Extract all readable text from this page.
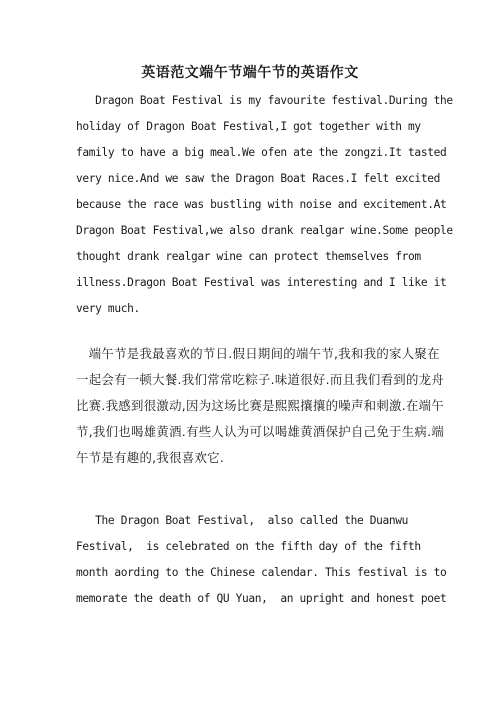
英语范文端午节端午节的英语作文
Dragon Boat Festival is my favourite festival.During the
holiday of Dragon Boat Festival,I got together with my
family to have a big meal.We ofen ate the zongzi.It tasted
very nice.And we saw the Dragon Boat Races.I felt excited
because the race was bustling with noise and excitement.At
Dragon Boat Festival,we also drank realgar wine.Some people
thought drank realgar wine can protect themselves from
illness.Dragon Boat Festival was interesting and I like it
very much.
　端午节是我最喜欢的节日.假日期间的端午节,我和我的家人聚在
一起会有一顿大餐.我们常常吃粽子.味道很好.而且我们看到的龙舟
比赛.我感到很激动,因为这场比赛是熙熙攘攘的噪声和刺激.在端午
节,我们也喝雄黄酒.有些人认为可以喝雄黄酒保护自己免于生病.端
午节是有趣的,我很喜欢它.
The Dragon Boat Festival,  also called the Duanwu
Festival,  is celebrated on the fifth day of the fifth
month aording to the Chinese calendar. This festival is to
memorate the death of QU Yuan,  an upright and honest poet
